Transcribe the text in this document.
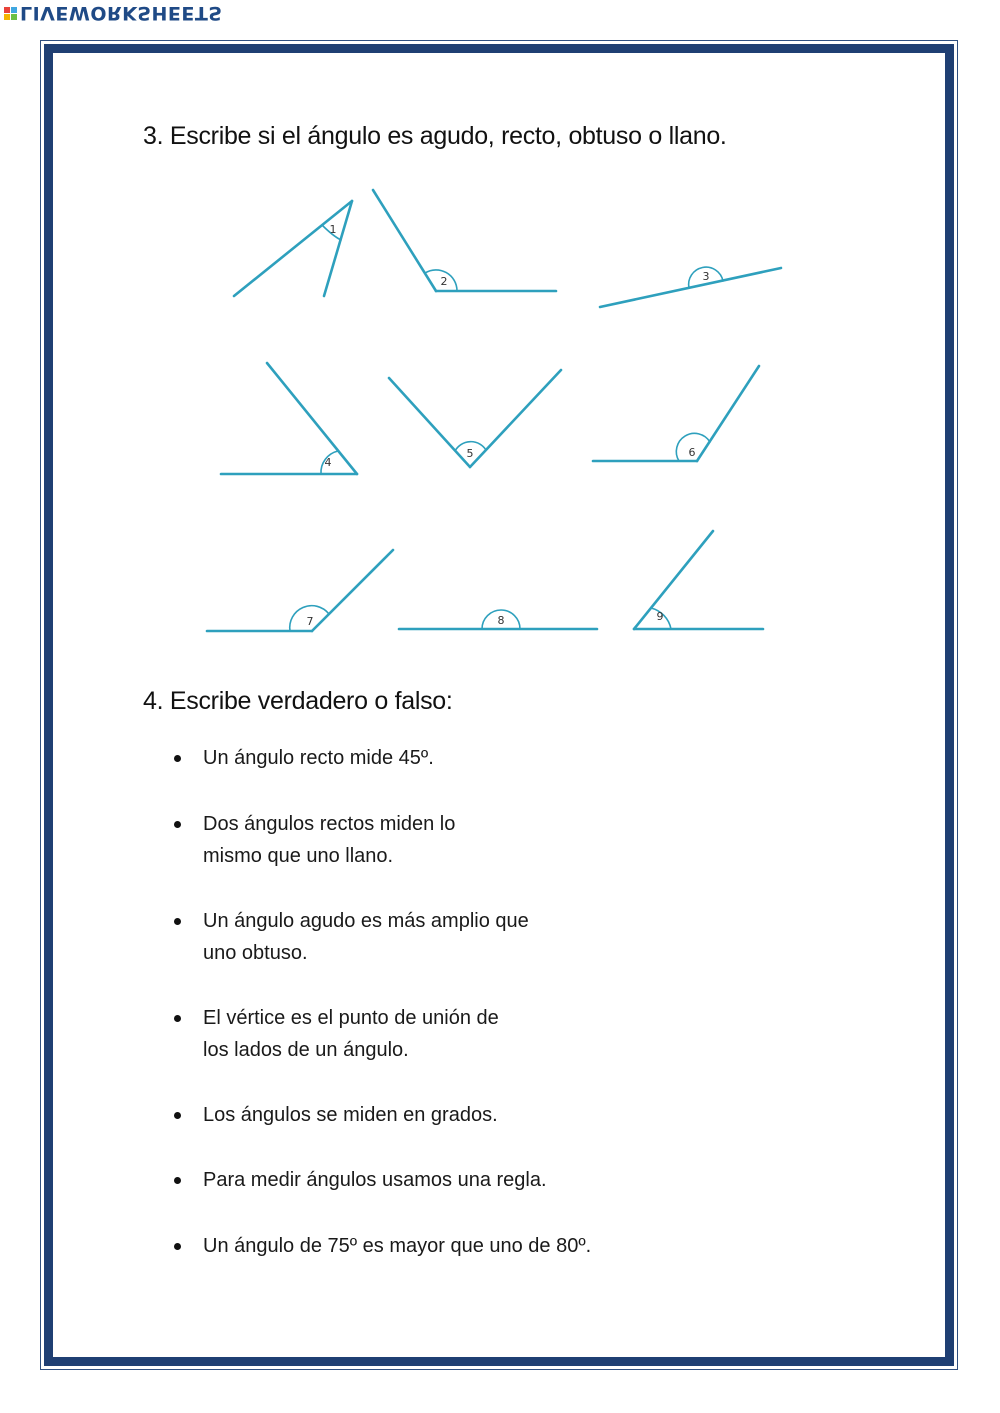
LIVEWORKSHEETS
3. Escribe si el ángulo es agudo, recto, obtuso o llano.
1
2	3
4
5	6
7	8	9
4. Escribe verdadero o falso:
Un ángulo recto mide 45º.
Dos ángulos rectos miden lo
mismo que uno llano.
Un ángulo agudo es más amplio que
uno obtuso.
El vértice es el punto de unión de
los lados de un ángulo.
Los ángulos se miden en grados.
Para medir ángulos usamos una regla.
Un ángulo de 75º es mayor que uno de 80º.
